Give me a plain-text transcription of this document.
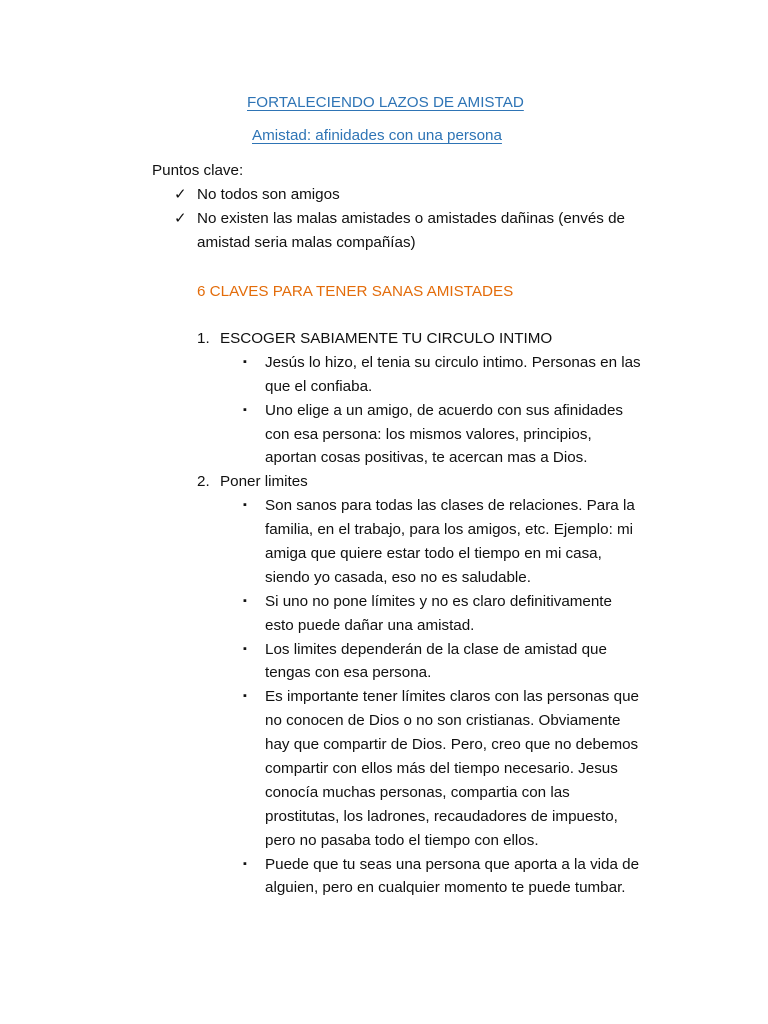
FORTALECIENDO LAZOS DE AMISTAD
Amistad: afinidades con una persona
Puntos clave:
✓ No todos son amigos
✓ No existen las malas amistades o amistades dañinas (envés de
amistad seria malas compañías)
6 CLAVES PARA TENER SANAS AMISTADES
1. ESCOGER SABIAMENTE TU CIRCULO INTIMO
▪ Jesús lo hizo, el tenia su circulo intimo. Personas en las
que el confiaba.
▪ Uno elige a un amigo, de acuerdo con sus afinidades
con esa persona: los mismos valores, principios,
aportan cosas positivas, te acercan mas a Dios.
2. Poner limites
▪ Son sanos para todas las clases de relaciones. Para la
familia, en el trabajo, para los amigos, etc. Ejemplo: mi
amiga que quiere estar todo el tiempo en mi casa,
siendo yo casada, eso no es saludable.
▪ Si uno no pone límites y no es claro definitivamente
esto puede dañar una amistad.
▪ Los limites dependerán de la clase de amistad que
tengas con esa persona.
▪ Es importante tener límites claros con las personas que
no conocen de Dios o no son cristianas. Obviamente
hay que compartir de Dios. Pero, creo que no debemos
compartir con ellos más del tiempo necesario. Jesus
conocía muchas personas, compartia con las
prostitutas, los ladrones, recaudadores de impuesto,
pero no pasaba todo el tiempo con ellos.
▪ Puede que tu seas una persona que aporta a la vida de
alguien, pero en cualquier momento te puede tumbar.
